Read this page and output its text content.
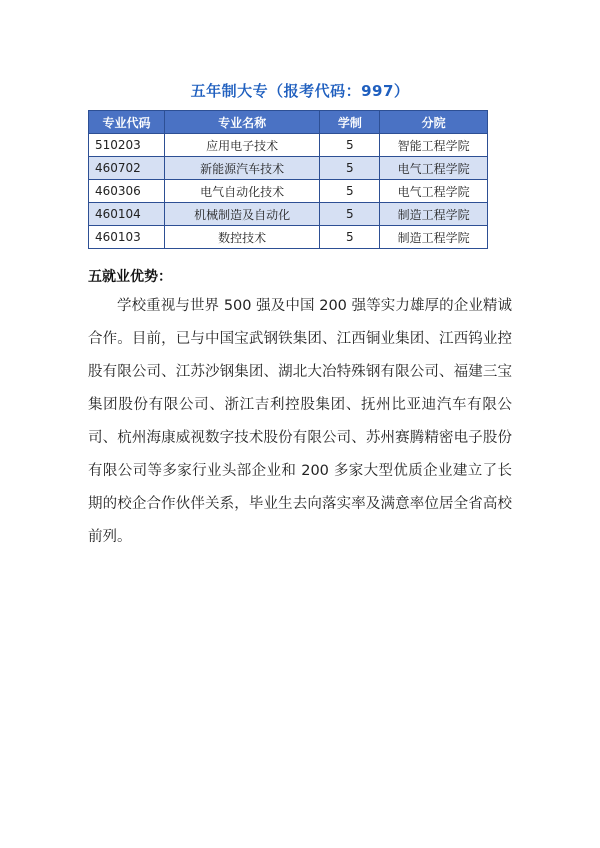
五年制大专（报考代码：997）
专业代码	专业名称	学制	分院
510203	应用电子技术	5	智能工程学院
460702	新能源汽车技术	5	电气工程学院
460306	电气自动化技术	5	电气工程学院
460104	机械制造及自动化	5	制造工程学院
460103	数控技术	5	制造工程学院
五就业优势：

学校重视与世界 500 强及中国 200 强等实力雄厚的企业精诚合作。目前，已与中国宝武钢铁集团、江西铜业集团、江西钨业控股有限公司、江苏沙钢集团、湖北大冶特殊钢有限公司、福建三宝集团股份有限公司、浙江吉利控股集团、抚州比亚迪汽车有限公司、杭州海康威视数字技术股份有限公司、苏州赛腾精密电子股份有限公司等多家行业头部企业和 200 多家大型优质企业建立了长期的校企合作伙伴关系，毕业生去向落实率及满意率位居全省高校前列。
